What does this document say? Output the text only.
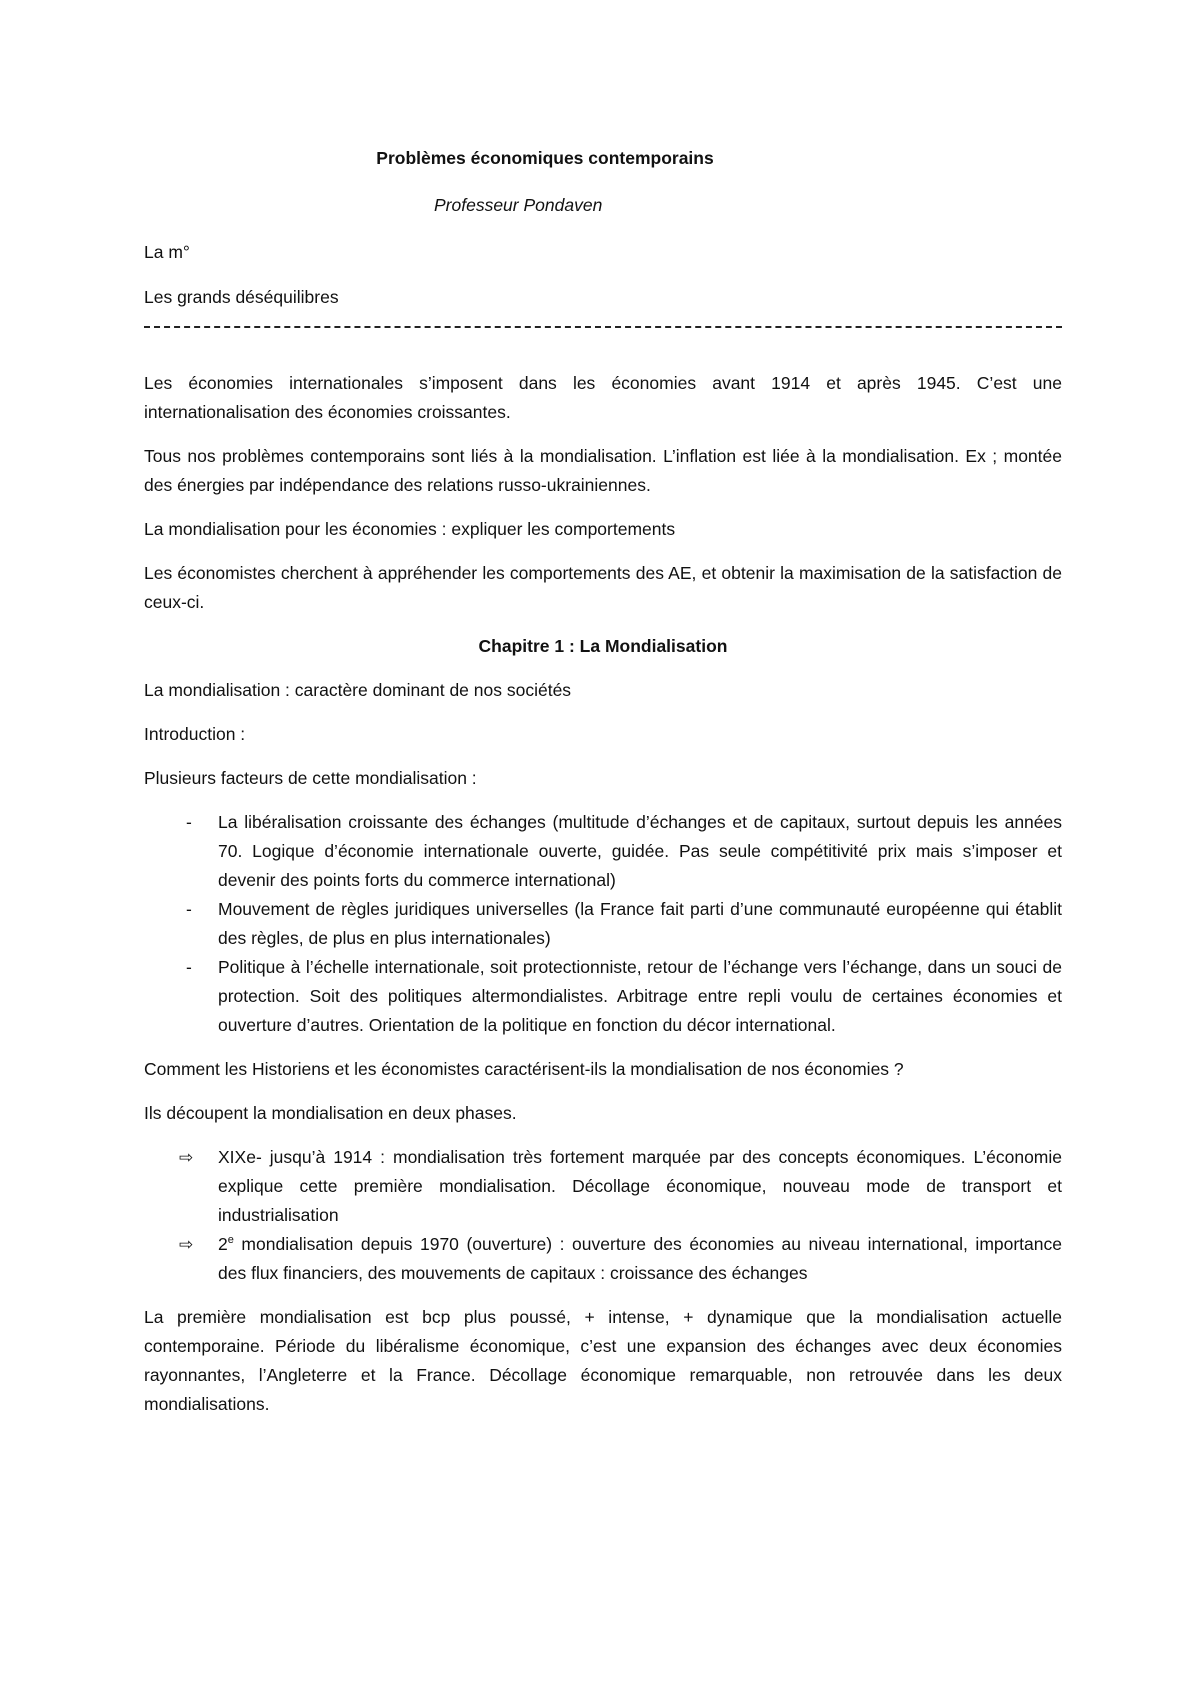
Problèmes économiques contemporains

Professeur Pondaven

La m°

Les grands déséquilibres

Les économies internationales s’imposent dans les économies avant 1914 et après 1945. C’est une internationalisation des économies croissantes.

Tous nos problèmes contemporains sont liés à la mondialisation. L’inflation est liée à la mondialisation. Ex ; montée des énergies par indépendance des relations russo-ukrainiennes.

La mondialisation pour les économies : expliquer les comportements

Les économistes cherchent à appréhender les comportements des AE, et obtenir la maximisation de la satisfaction de ceux-ci.

Chapitre 1 : La Mondialisation

La mondialisation : caractère dominant de nos sociétés

Introduction :

Plusieurs facteurs de cette mondialisation :

- La libéralisation croissante des échanges (multitude d’échanges et de capitaux, surtout depuis les années 70. Logique d’économie internationale ouverte, guidée. Pas seule compétitivité prix mais s’imposer et devenir des points forts du commerce international)
- Mouvement de règles juridiques universelles (la France fait parti d’une communauté européenne qui établit des règles, de plus en plus internationales)
- Politique à l’échelle internationale, soit protectionniste, retour de l’échange vers l’échange, dans un souci de protection. Soit des politiques altermondialistes. Arbitrage entre repli voulu de certaines économies et ouverture d’autres. Orientation de la politique en fonction du décor international.

Comment les Historiens et les économistes caractérisent-ils la mondialisation de nos économies ?

Ils découpent la mondialisation en deux phases.

⇨ XIXe- jusqu’à 1914 : mondialisation très fortement marquée par des concepts économiques. L’économie explique cette première mondialisation. Décollage économique, nouveau mode de transport et industrialisation
⇨ 2e mondialisation depuis 1970 (ouverture) : ouverture des économies au niveau international, importance des flux financiers, des mouvements de capitaux : croissance des échanges

La première mondialisation est bcp plus poussé, + intense, + dynamique que la mondialisation actuelle contemporaine. Période du libéralisme économique, c’est une expansion des échanges avec deux économies rayonnantes, l’Angleterre et la France. Décollage économique remarquable, non retrouvée dans les deux mondialisations.
